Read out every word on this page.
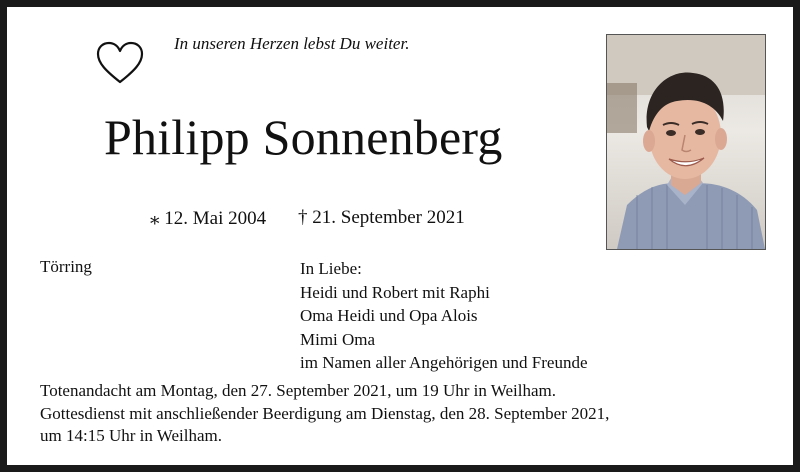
In unseren Herzen lebst Du weiter.
Philipp Sonnenberg
⁎ 12. Mai 2004 † 21. September 2021
Törring	In Liebe:
Heidi und Robert mit Raphi
Oma Heidi und Opa Alois
Mimi Oma
im Namen aller Angehörigen und Freunde
Totenandacht am Montag, den 27. September 2021, um 19 Uhr in Weilham.
Gottesdienst mit anschließender Beerdigung am Dienstag, den 28. September 2021,
um 14:15 Uhr in Weilham.
